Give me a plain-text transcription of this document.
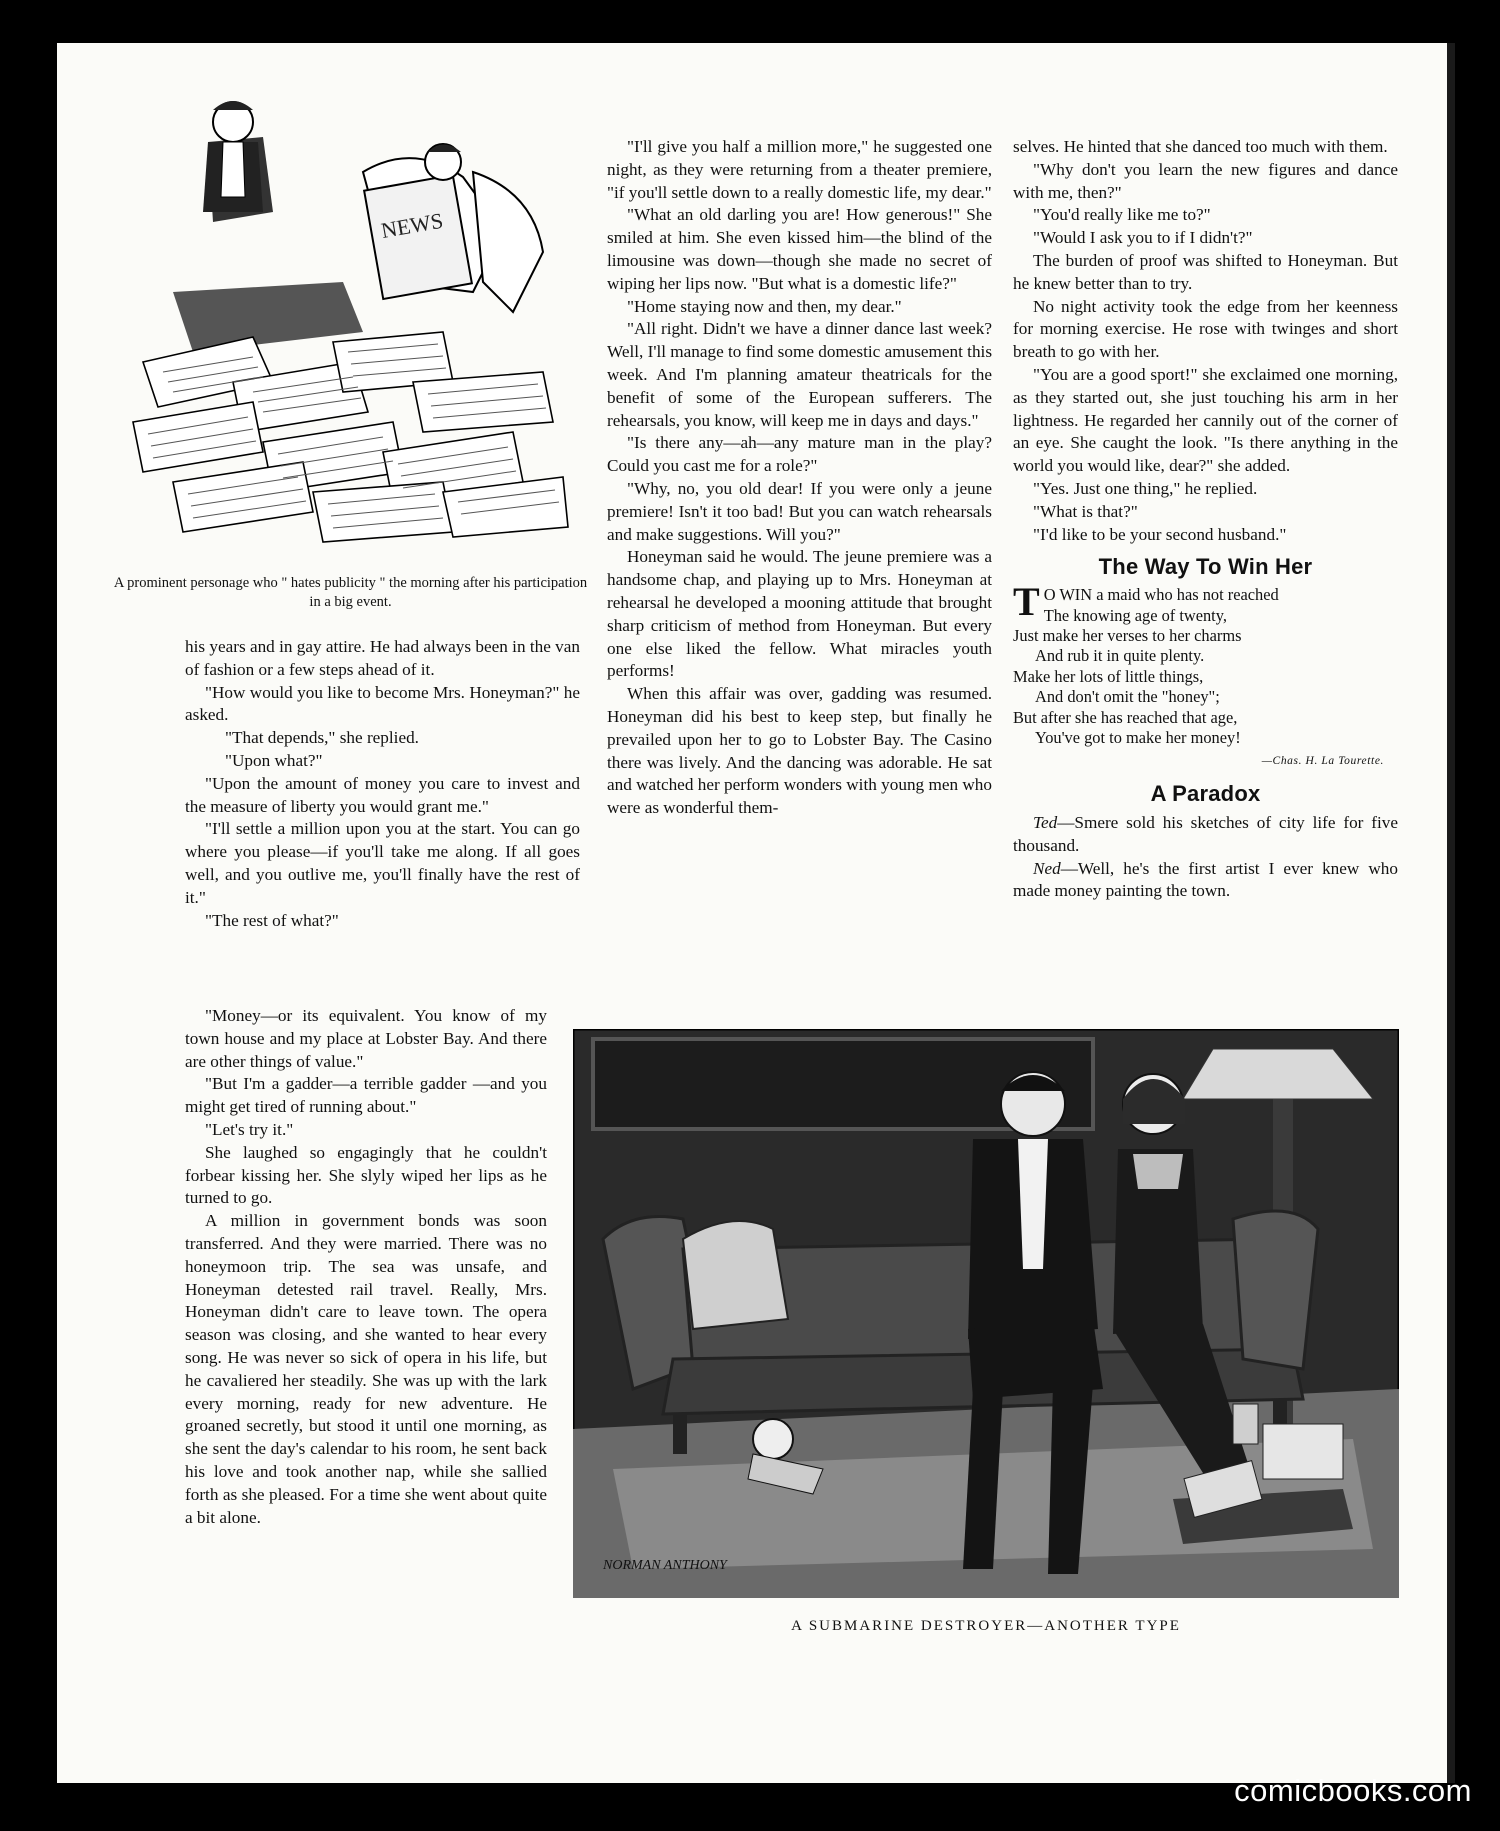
NEWS
A prominent personage who " hates publicity " the morning after his participation in a big event.

his years and in gay attire. He had always been in the van of fashion or a few steps ahead of it.

"How would you like to become Mrs. Honeyman?" he asked.

"That depends," she replied.

"Upon what?"

"Upon the amount of money you care to invest and the measure of liberty you would grant me."

"I'll settle a million upon you at the start. You can go where you please—if you'll take me along. If all goes well, and you outlive me, you'll finally have the rest of it."

"The rest of what?"

"Money—or its equivalent. You know of my town house and my place at Lobster Bay. And there are other things of value."

"But I'm a gadder—a terrible gadder —and you might get tired of running about."

"Let's try it."

She laughed so engagingly that he couldn't forbear kissing her. She slyly wiped her lips as he turned to go.

A million in government bonds was soon transferred. And they were married. There was no honeymoon trip. The sea was unsafe, and Honeyman detested rail travel. Really, Mrs. Honeyman didn't care to leave town. The opera season was closing, and she wanted to hear every song. He was never so sick of opera in his life, but he cavaliered her steadily. She was up with the lark every morning, ready for new adventure. He groaned secretly, but stood it until one morning, as she sent the day's calendar to his room, he sent back his love and took another nap, while she sallied forth as she pleased. For a time she went about quite a bit alone.

"I'll give you half a million more," he suggested one night, as they were returning from a theater premiere, "if you'll settle down to a really domestic life, my dear."

"What an old darling you are! How generous!" She smiled at him. She even kissed him—the blind of the limousine was down—though she made no secret of wiping her lips now. "But what is a domestic life?"

"Home staying now and then, my dear."

"All right. Didn't we have a dinner dance last week? Well, I'll manage to find some domestic amusement this week. And I'm planning amateur theatricals for the benefit of some of the European sufferers. The rehearsals, you know, will keep me in days and days."

"Is there any—ah—any mature man in the play? Could you cast me for a role?"

"Why, no, you old dear! If you were only a jeune premiere! Isn't it too bad! But you can watch rehearsals and make suggestions. Will you?"

Honeyman said he would. The jeune premiere was a handsome chap, and playing up to Mrs. Honeyman at rehearsal he developed a mooning attitude that brought sharp criticism of method from Honeyman. But every one else liked the fellow. What miracles youth performs!

When this affair was over, gadding was resumed. Honeyman did his best to keep step, but finally he prevailed upon her to go to Lobster Bay. The Casino there was lively. And the dancing was adorable. He sat and watched her perform wonders with young men who were as wonderful them-

selves. He hinted that she danced too much with them.

"Why don't you learn the new figures and dance with me, then?"

"You'd really like me to?"

"Would I ask you to if I didn't?"

The burden of proof was shifted to Honeyman. But he knew better than to try.

No night activity took the edge from her keenness for morning exercise. He rose with twinges and short breath to go with her.

"You are a good sport!" she exclaimed one morning, as they started out, she just touching his arm in her lightness. He regarded her cannily out of the corner of an eye. She caught the look. "Is there anything in the world you would like, dear?" she added.

"Yes. Just one thing," he replied.

"What is that?"

"I'd like to be your second husband."

The Way To Win Her
T O WIN a maid who has not reached
The knowing age of twenty,
Just make her verses to her charms
And rub it in quite plenty.
Make her lots of little things,
And don't omit the "honey";
But after she has reached that age,
You've got to make her money!
—Chas. H. La Tourette.
A Paradox

Ted—Smere sold his sketches of city life for five thousand.

Ned—Well, he's the first artist I ever knew who made money painting the town.

NORMAN ANTHONY
A SUBMARINE DESTROYER—ANOTHER TYPE
comicbooks.com
